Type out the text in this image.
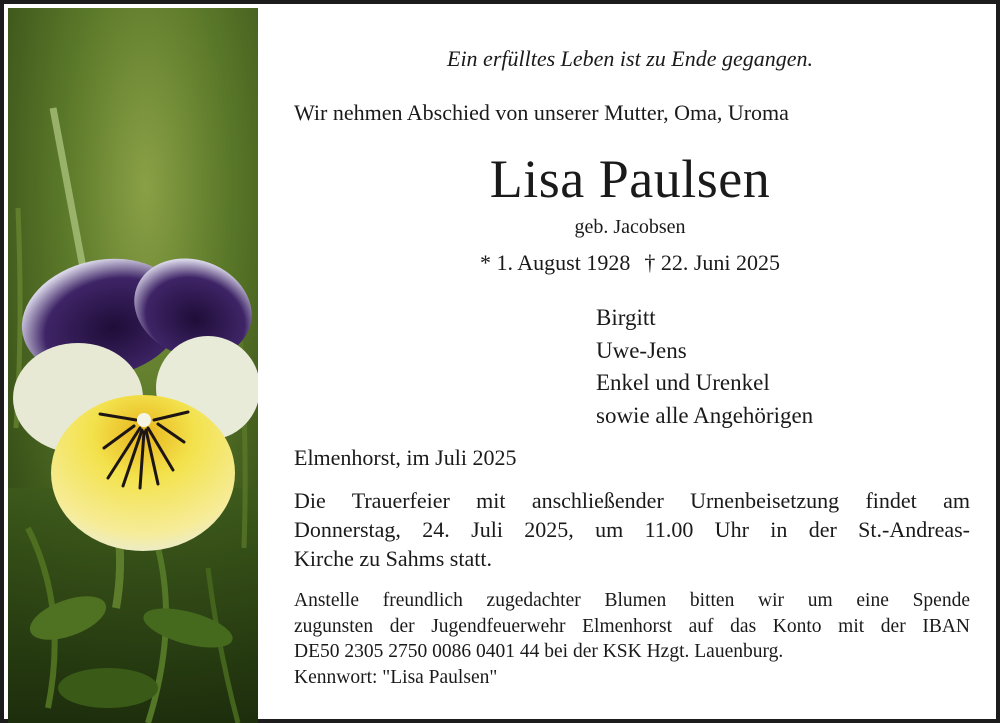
Ein erfülltes Leben ist zu Ende gegangen.
Wir nehmen Abschied von unserer Mutter, Oma, Uroma
Lisa Paulsen
geb. Jacobsen
* 1. August 1928 † 22. Juni 2025
Birgitt
Uwe-Jens
Enkel und Urenkel
sowie alle Angehörigen
Elmenhorst, im Juli 2025
Die Trauerfeier mit anschließender Urnenbeisetzung findet am
Donnerstag, 24. Juli 2025, um 11.00 Uhr in der St.-Andreas-
Kirche zu Sahms statt.
Anstelle freundlich zugedachter Blumen bitten wir um eine Spende
zugunsten der Jugendfeuerwehr Elmenhorst auf das Konto mit der IBAN
DE50 2305 2750 0086 0401 44 bei der KSK Hzgt. Lauenburg.
Kennwort: "Lisa Paulsen"
